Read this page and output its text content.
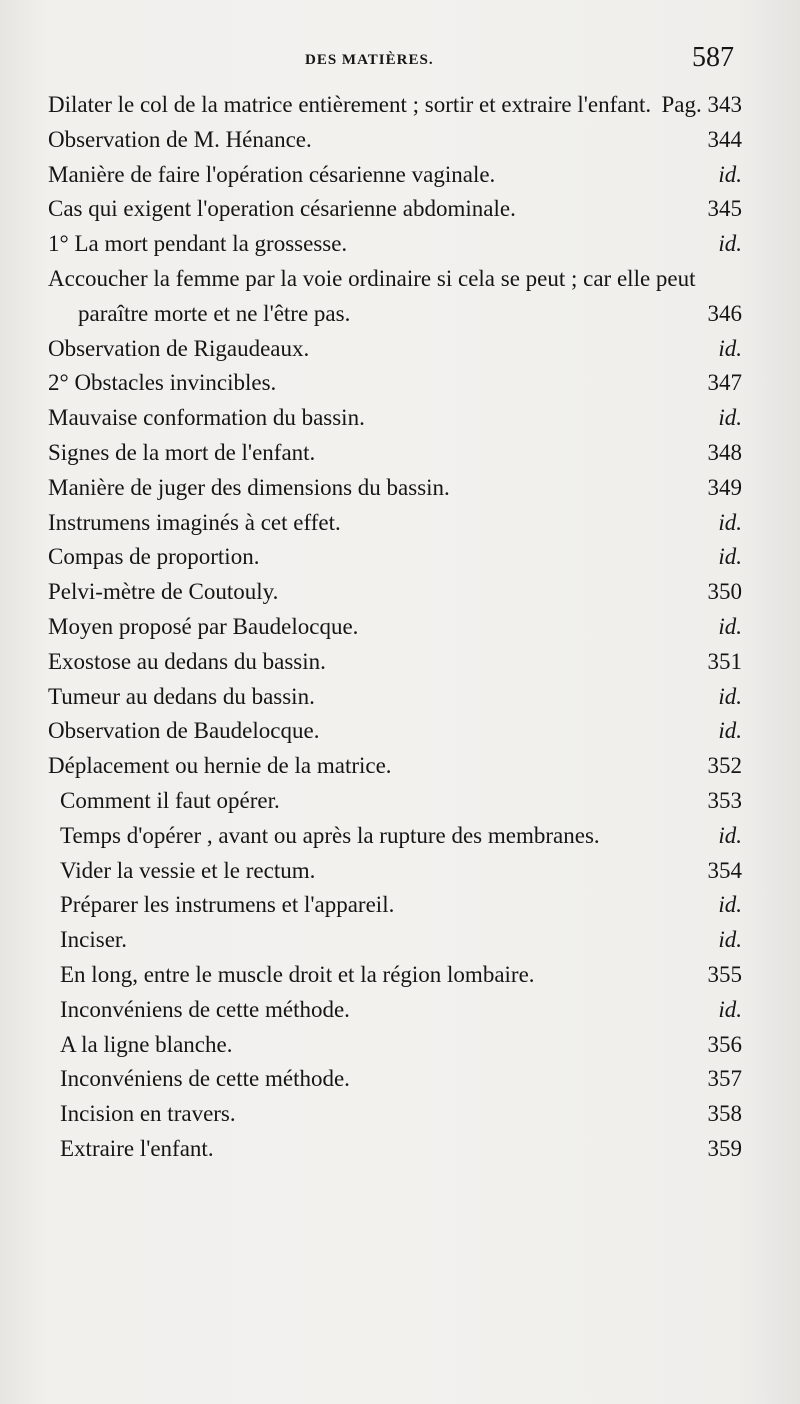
DES MATIÈRES.	587
Dilater le col de la matrice entièrement ; sortir et extraire l'enfant. Pag. 343
Observation de M. Hénance.	344
Manière de faire l'opération césarienne vaginale.	id.
Cas qui exigent l'operation césarienne abdominale.	345
1° La mort pendant la grossesse.	id.
Accoucher la femme par la voie ordinaire si cela se peut ; car elle peut paraître morte et ne l'être pas.	346
Observation de Rigaudeaux.	id.
2° Obstacles invincibles.	347
Mauvaise conformation du bassin.	id.
Signes de la mort de l'enfant.	348
Manière de juger des dimensions du bassin.	349
Instrumens imaginés à cet effet.	id.
Compas de proportion.	id.
Pelvi-mètre de Coutouly.	350
Moyen proposé par Baudelocque.	id.
Exostose au dedans du bassin.	351
Tumeur au dedans du bassin.	id.
Observation de Baudelocque.	id.
Déplacement ou hernie de la matrice.	352
Comment il faut opérer.	353
Temps d'opérer , avant ou après la rupture des membranes.	id.
Vider la vessie et le rectum.	354
Préparer les instrumens et l'appareil.	id.
Inciser.	id.
En long, entre le muscle droit et la région lombaire.	355
Inconvéniens de cette méthode.	id.
A la ligne blanche.	356
Inconvéniens de cette méthode.	357
Incision en travers.	358
Extraire l'enfant.	359
